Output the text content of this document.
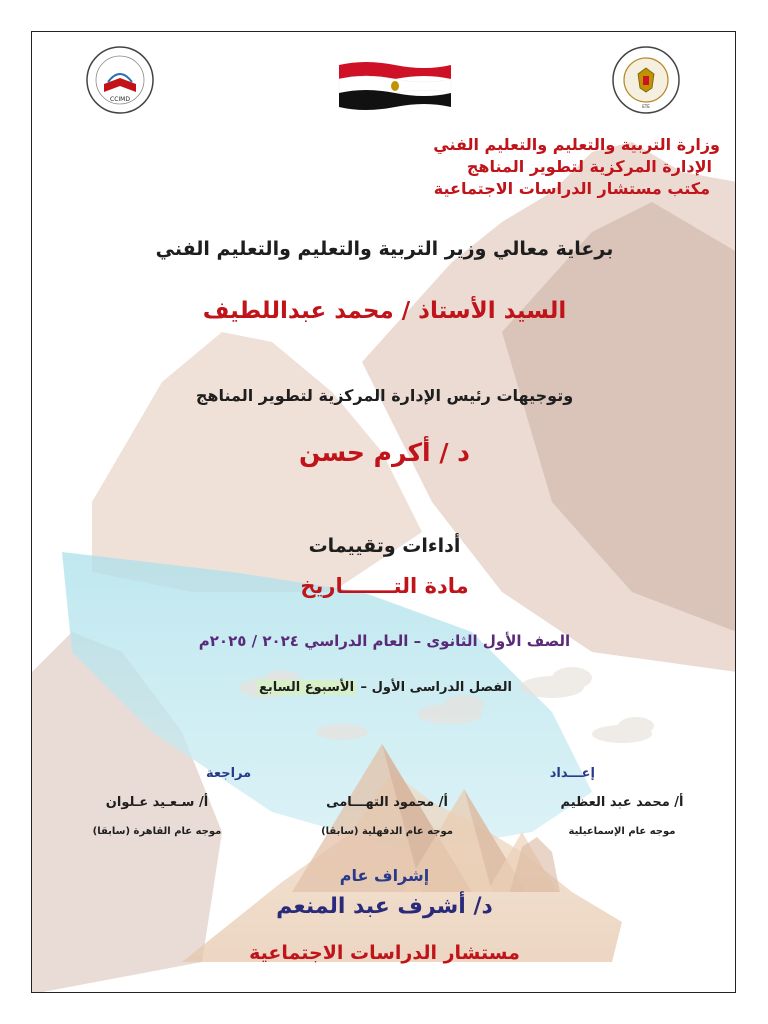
CCIMD
ETE
وزارة التربية والتعليم والتعليم الفني
الإدارة المركزية لتطوير المناهج
مكتب مستشار الدراسات الاجتماعية
برعاية معالي وزير التربية والتعليم والتعليم الفني
السيد الأستاذ / محمد عبداللطيف
وتوجيهات رئيس الإدارة المركزية لتطوير المناهج
د / أكرم حسن
أداءات وتقييمات
مادة التـــــــاريخ
الصف الأول الثانوى – العام الدراسي ٢٠٢٤ / ٢٠٢٥م
الفصل الدراسى الأول – الأسبوع السابع
إعـــداد
مراجعة
أ/ محمد عبد العظيم
موجه عام الإسماعيلية
أ/ محمود التهـــامى
موجه عام الدقهلية (سابقا)
أ/ سـعـيد عـلوان
موجه عام القاهرة (سابقا)
إشراف عام
د/ أشرف عبد المنعم
مستشار الدراسات الاجتماعية
